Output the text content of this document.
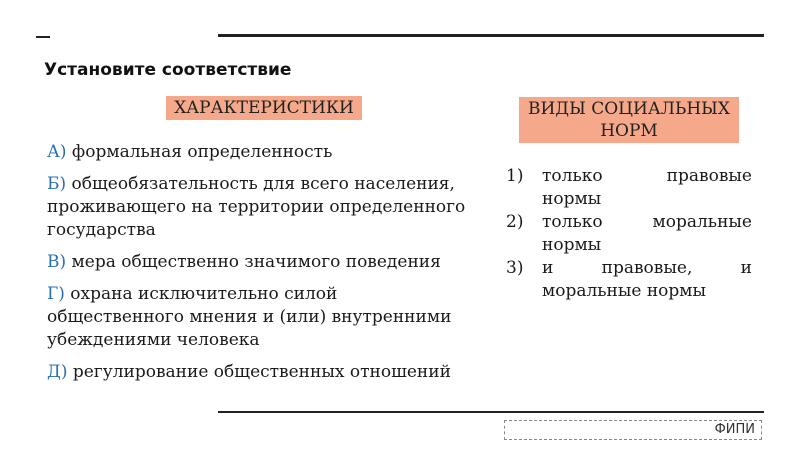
Установите соответствие
ХАРАКТЕРИСТИКИ	ВИДЫ СОЦИАЛЬНЫХ НОРМ
А) формальная определенность
Б) общеобязательность для всего населения, проживающего на территории определенного государства
В) мера общественно значимого поведения
Г) охрана исключительно силой общественного мнения и (или) внутренними убеждениями человека
Д) регулирование общественных отношений
1)	только правовые нормы
2)	только моральные нормы
3)	и правовые, и моральные нормы
ФИПИ
